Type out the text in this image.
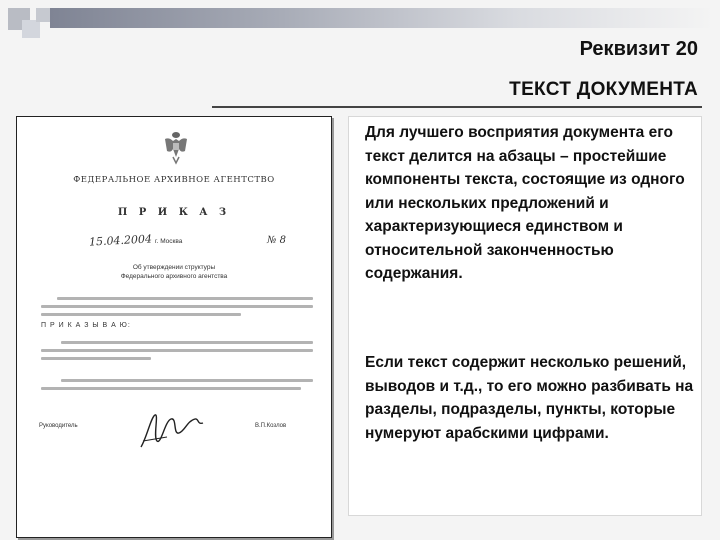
Реквизит 20
ТЕКСТ ДОКУМЕНТА
ФЕДЕРАЛЬНОЕ АРХИВНОЕ АГЕНТСТВО
П Р И К А З
15.04.2004 г. Москва	№ 8
Об утверждении структуры
Федерального архивного агентства
П Р И К А З Ы В А Ю:
Руководитель	В.П.Козлов

Для лучшего восприятия документа его текст делится на абзацы – простейшие компоненты текста, состоящие из одного или нескольких предложений и характеризующиеся единством и относительной законченностью содержания.

Если текст содержит несколько решений, выводов и т.д., то его можно разбивать на разделы, подразделы, пункты, которые нумеруют арабскими цифрами.
